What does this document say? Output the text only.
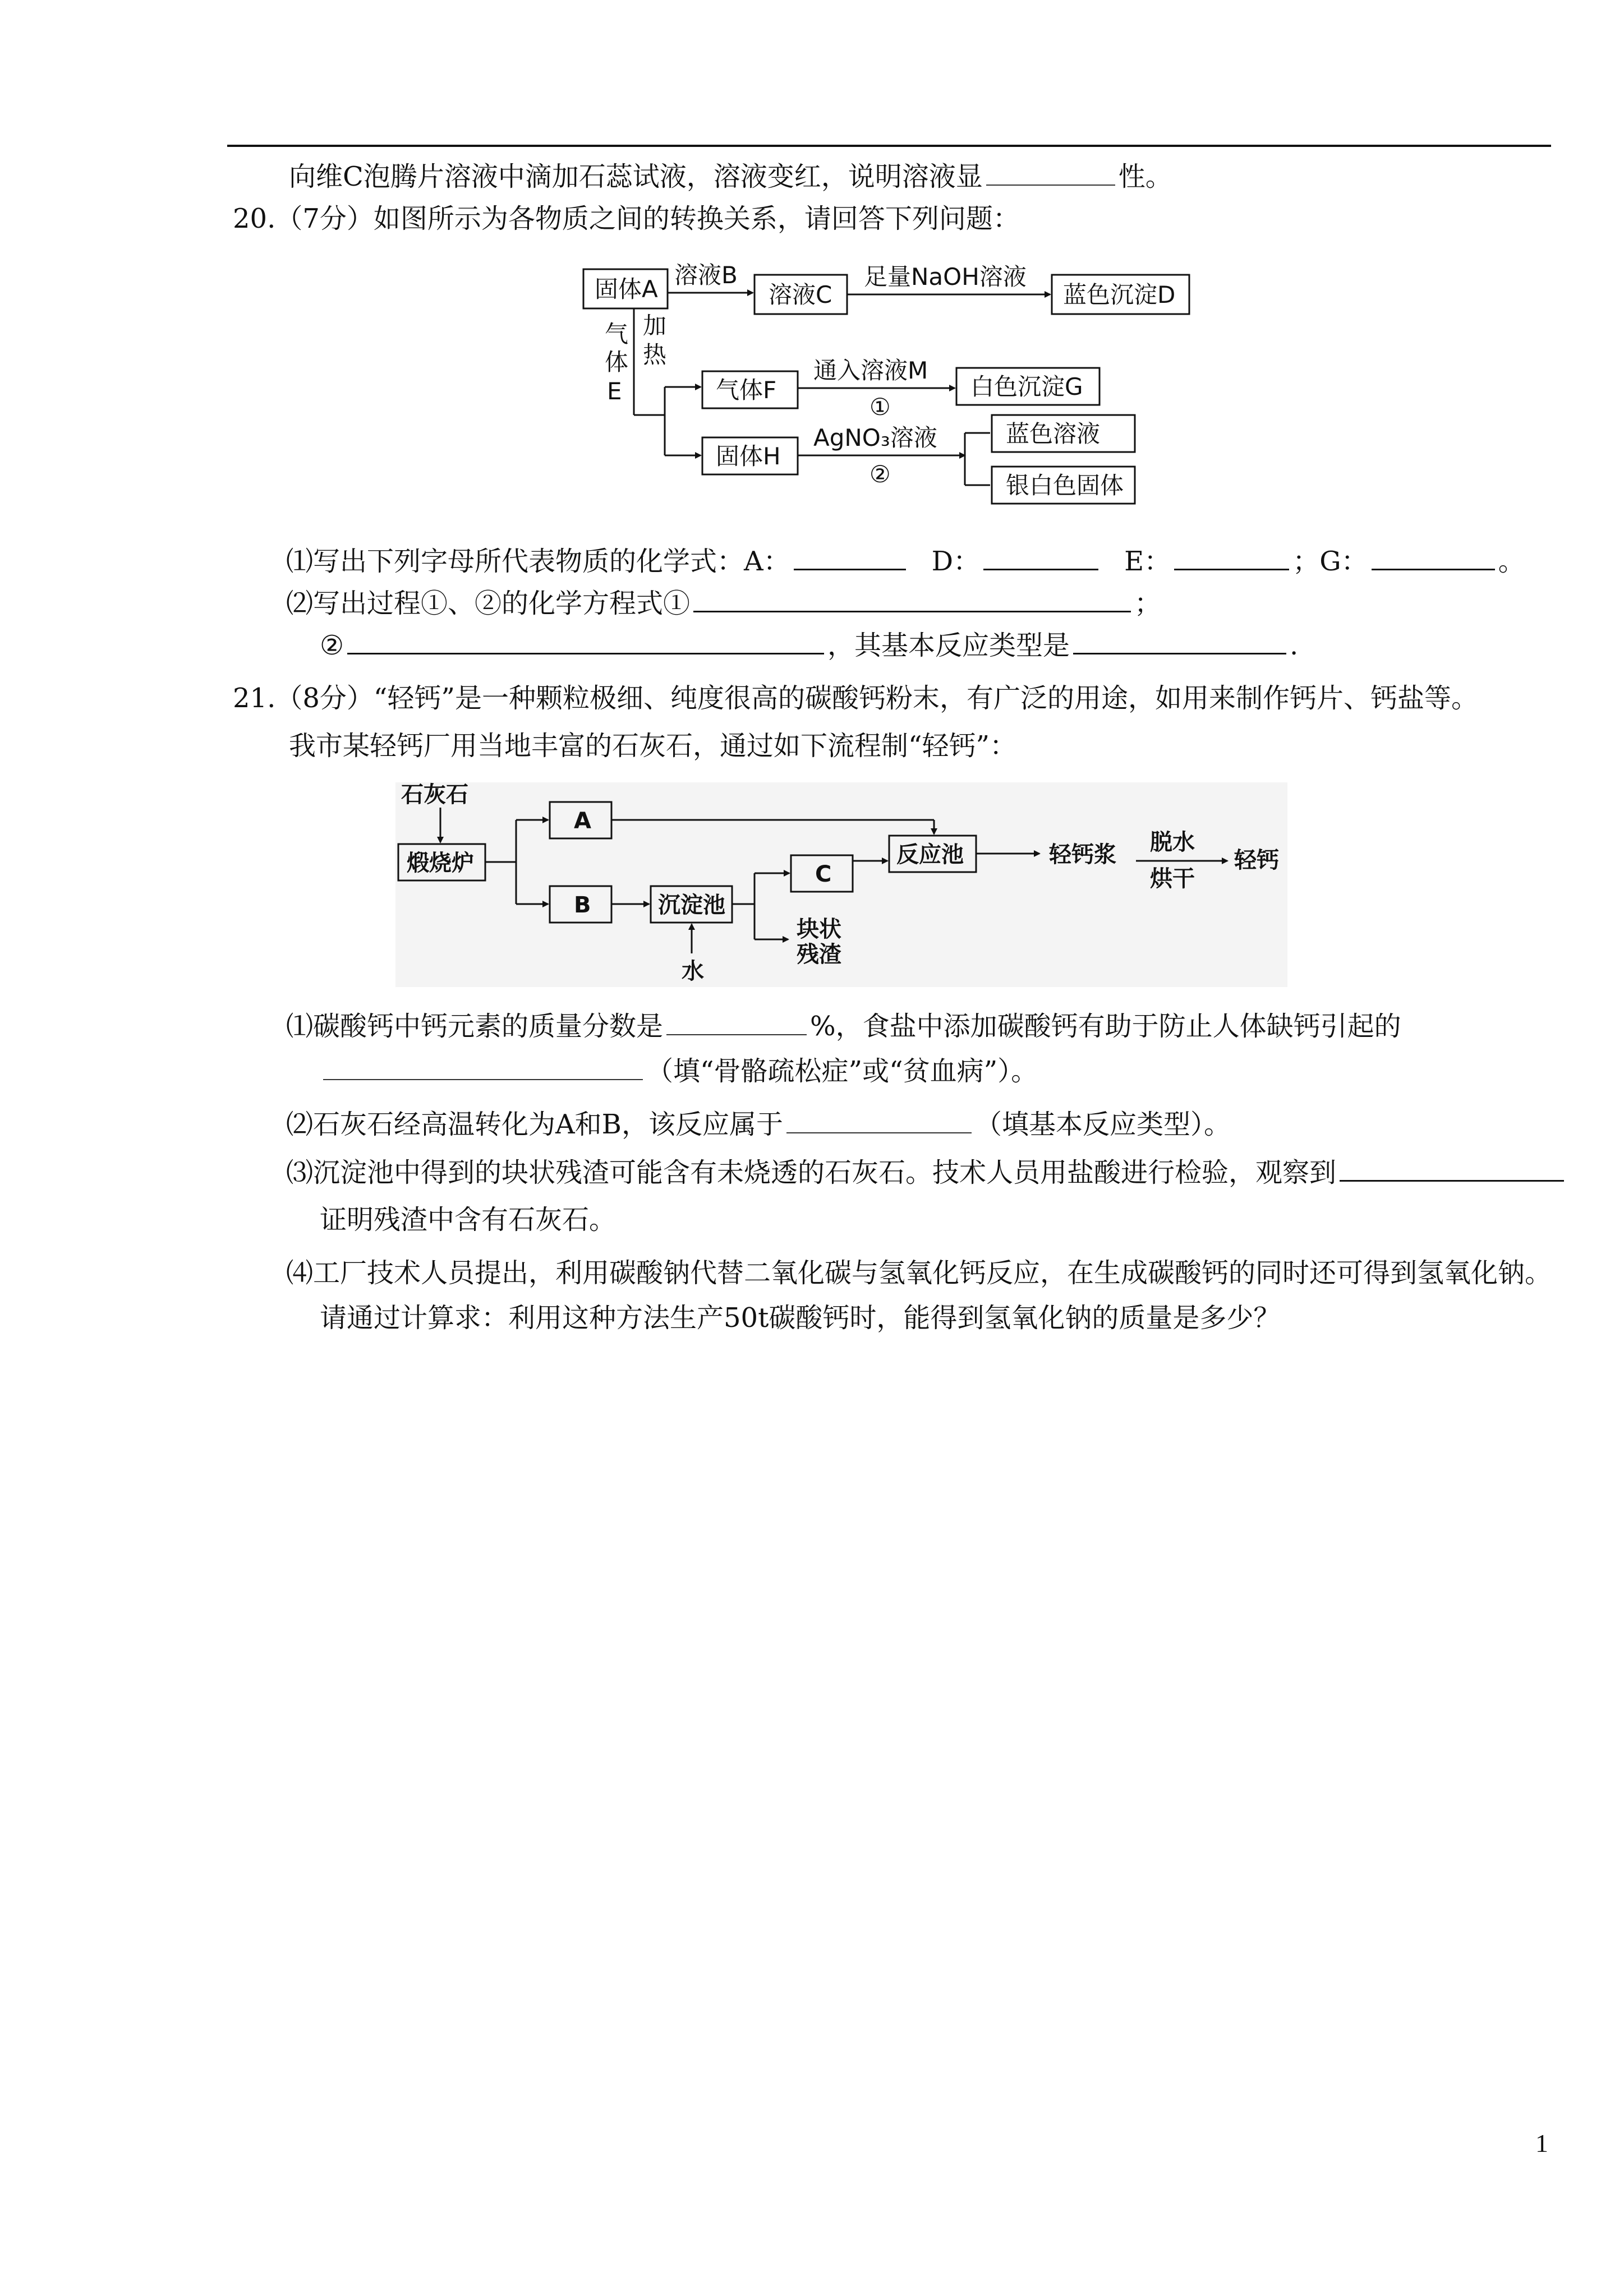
向维C泡腾片溶液中滴加石蕊试液，溶液变红，说明溶液显	性。
20.（7分）如图所示为各物质之间的转换关系，请回答下列问题：
固体A
溶液B
溶液C
足量NaOH溶液
蓝色沉淀D
气
体
E
加
热
气体F
通入溶液M
①
白色沉淀G
固体H
AgNO₃溶液
②
蓝色溶液
银白色固体
⑴写出下列字母所代表物质的化学式：A：	D：	E：	；G：	。
⑵写出过程①、②的化学方程式①	；
②	，其基本反应类型是	.
21.（8分）“轻钙”是一种颗粒极细、纯度很高的碳酸钙粉末，有广泛的用途，如用来制作钙片、钙盐等。
我市某轻钙厂用当地丰富的石灰石，通过如下流程制“轻钙”：
石灰石
煅烧炉
A
B	沉淀池
水
C
块状
残渣
反应池	轻钙浆 脱水
烘干
轻钙
⑴碳酸钙中钙元素的质量分数是	%，食盐中添加碳酸钙有助于防止人体缺钙引起的
（填“骨骼疏松症”或“贫血病”）。
⑵石灰石经高温转化为A和B，该反应属于	（填基本反应类型）。
⑶沉淀池中得到的块状残渣可能含有未烧透的石灰石。技术人员用盐酸进行检验，观察到
证明残渣中含有石灰石。
⑷工厂技术人员提出，利用碳酸钠代替二氧化碳与氢氧化钙反应，在生成碳酸钙的同时还可得到氢氧化钠。
请通过计算求：利用这种方法生产50t碳酸钙时，能得到氢氧化钠的质量是多少？
1
